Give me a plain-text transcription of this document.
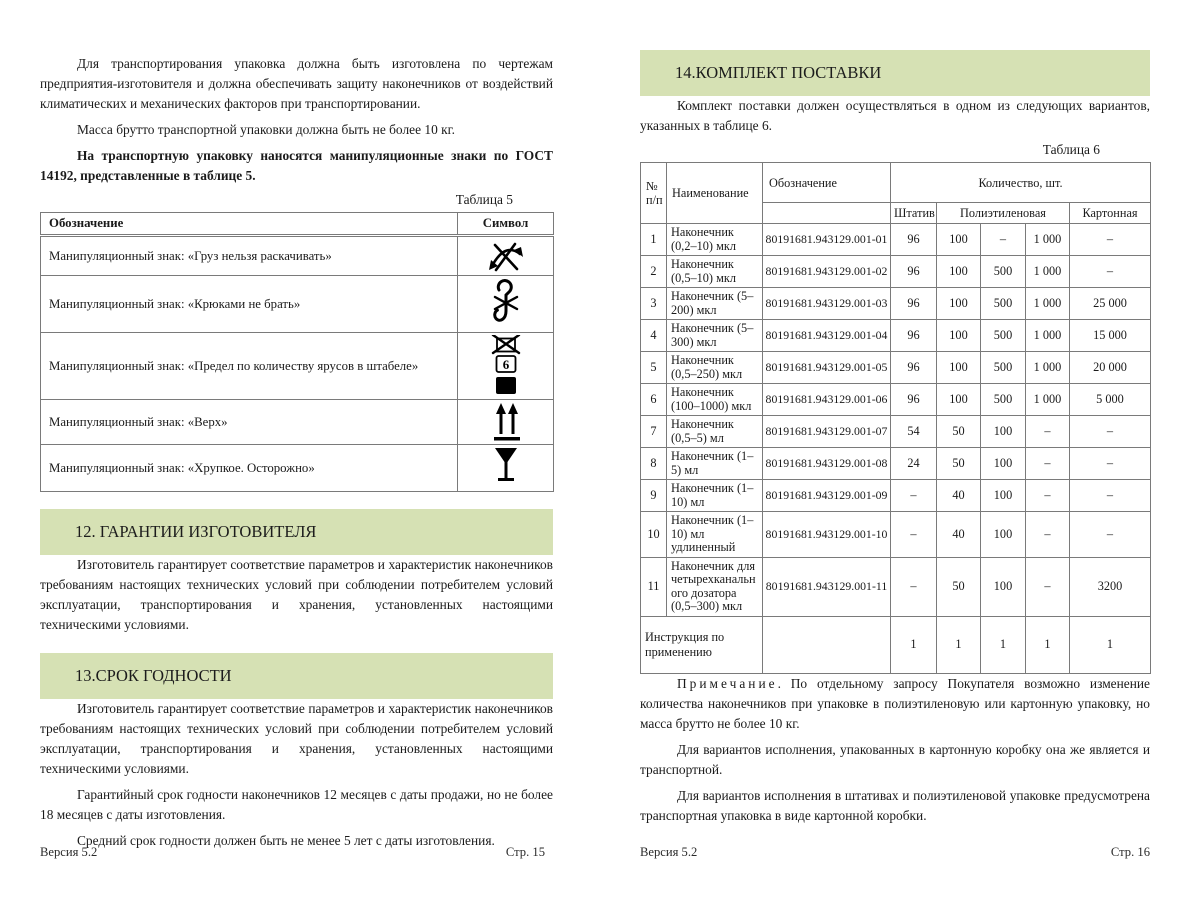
Для транспортирования упаковка должна быть изготовлена по чертежам предприятия-изготовителя и должна обеспечивать защиту наконечников от воздействий климатических и механических факторов при транспортировании.

Масса брутто транспортной упаковки должна быть не более 10 кг.

На транспортную упаковку наносятся манипуляционные знаки по ГОСТ 14192, представленные в таблице 5.

Таблица 5
Обозначение	Символ
Манипуляционный знак: «Груз нельзя раскачивать»	
Манипуляционный знак: «Крюками не брать»	
Манипуляционный знак: «Предел по количеству ярусов в штабеле»	6

Манипуляционный знак: «Верх»	
Манипуляционный знак: «Хрупкое. Осторожно»	
12. ГАРАНТИИ ИЗГОТОВИТЕЛЯ

Изготовитель гарантирует соответствие параметров и характеристик наконечников требованиям настоящих технических условий при соблюдении потребителем условий эксплуатации, транспортирования и хранения, установленных настоящими техническими условиями.

13.СРОК ГОДНОСТИ

Изготовитель гарантирует соответствие параметров и характеристик наконечников требованиям настоящих технических условий при соблюдении потребителем условий эксплуатации, транспортирования и хранения, установленных настоящими техническими условиями.

Гарантийный срок годности наконечников 12 месяцев с даты продажи, но не более 18 месяцев с даты изготовления.

Средний срок годности должен быть не менее 5 лет с даты изготовления.

Версия 5.2	Стр. 15
14.КОМПЛЕКТ ПОСТАВКИ

Комплект поставки должен осуществляться в одном из следующих вариантов, указанных в таблице 6.

Таблица 6
№
п/п	Наименование	Обозначение	Количество, шт.				
			Штатив	Полиэтиленовая			Картонная
1	Наконечник (0,2–10) мкл	80191681.943129.001-01	96	100	–	1 000	–
2	Наконечник (0,5–10) мкл	80191681.943129.001-02	96	100	500	1 000	–
3	Наконечник (5–200) мкл	80191681.943129.001-03	96	100	500	1 000	25 000
4	Наконечник (5–300) мкл	80191681.943129.001-04	96	100	500	1 000	15 000
5	Наконечник (0,5–250) мкл	80191681.943129.001-05	96	100	500	1 000	20 000
6	Наконечник (100–1000) мкл	80191681.943129.001-06	96	100	500	1 000	5 000
7	Наконечник (0,5–5) мл	80191681.943129.001-07	54	50	100	–	–
8	Наконечник (1–5) мл	80191681.943129.001-08	24	50	100	–	–
9	Наконечник (1–10) мл	80191681.943129.001-09	–	40	100	–	–
10	Наконечник (1–10) мл удлиненный	80191681.943129.001-10	–	40	100	–	–
11	Наконечник для четырехканального дозатора (0,5–300) мкл	80191681.943129.001-11	–	50	100	–	3200
Инструкция по применению			1	1	1	1	1

Примечание. По отдельному запросу Покупателя возможно изменение количества наконечников при упаковке в полиэтиленовую или картонную упаковку, но масса брутто не более 10 кг.

Для вариантов исполнения, упакованных в картонную коробку она же является и транспортной.

Для вариантов исполнения в штативах и полиэтиленовой упаковке предусмотрена транспортная упаковка в виде картонной коробки.

Версия 5.2	Стр. 16
